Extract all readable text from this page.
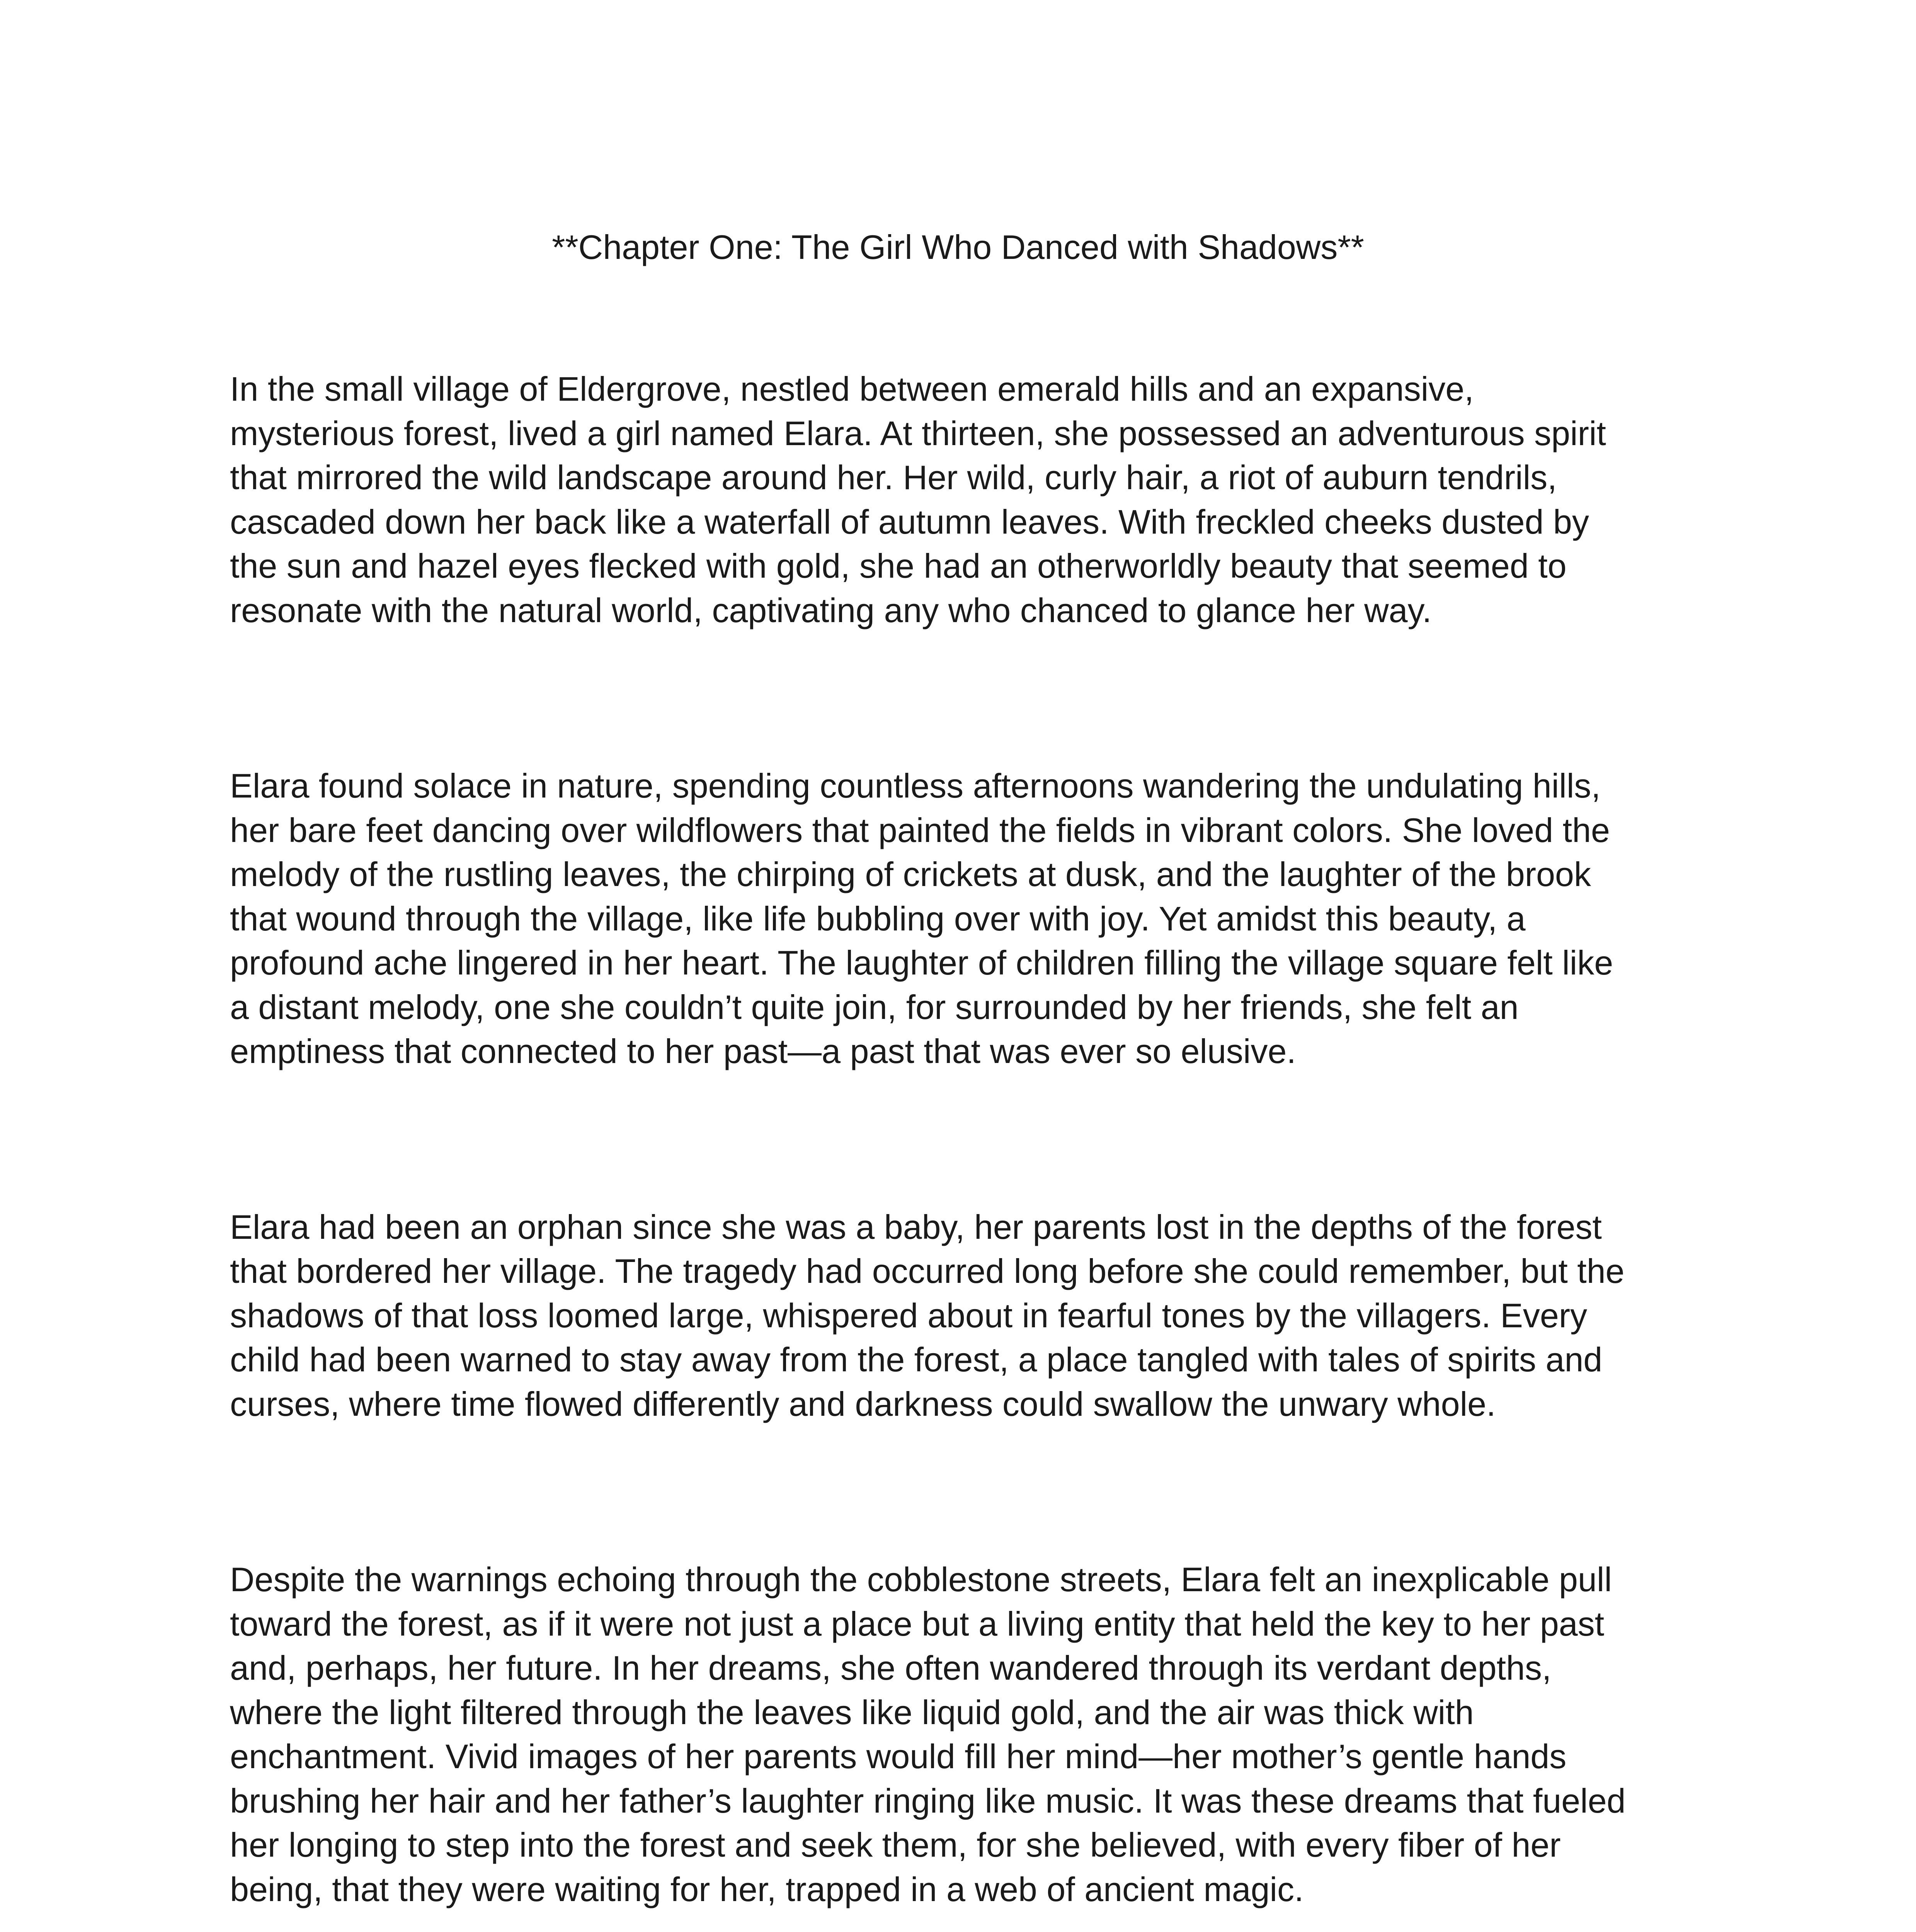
**Chapter One: The Girl Who Danced with Shadows**

In the small village of Eldergrove, nestled between emerald hills and an expansive,
mysterious forest, lived a girl named Elara. At thirteen, she possessed an adventurous spirit
that mirrored the wild landscape around her. Her wild, curly hair, a riot of auburn tendrils,
cascaded down her back like a waterfall of autumn leaves. With freckled cheeks dusted by
the sun and hazel eyes flecked with gold, she had an otherworldly beauty that seemed to
resonate with the natural world, captivating any who chanced to glance her way.

Elara found solace in nature, spending countless afternoons wandering the undulating hills,
her bare feet dancing over wildflowers that painted the fields in vibrant colors. She loved the
melody of the rustling leaves, the chirping of crickets at dusk, and the laughter of the brook
that wound through the village, like life bubbling over with joy. Yet amidst this beauty, a
profound ache lingered in her heart. The laughter of children filling the village square felt like
a distant melody, one she couldn’t quite join, for surrounded by her friends, she felt an
emptiness that connected to her past—a past that was ever so elusive.

Elara had been an orphan since she was a baby, her parents lost in the depths of the forest
that bordered her village. The tragedy had occurred long before she could remember, but the
shadows of that loss loomed large, whispered about in fearful tones by the villagers. Every
child had been warned to stay away from the forest, a place tangled with tales of spirits and
curses, where time flowed differently and darkness could swallow the unwary whole.

Despite the warnings echoing through the cobblestone streets, Elara felt an inexplicable pull
toward the forest, as if it were not just a place but a living entity that held the key to her past
and, perhaps, her future. In her dreams, she often wandered through its verdant depths,
where the light filtered through the leaves like liquid gold, and the air was thick with
enchantment. Vivid images of her parents would fill her mind—her mother’s gentle hands
brushing her hair and her father’s laughter ringing like music. It was these dreams that fueled
her longing to step into the forest and seek them, for she believed, with every fiber of her
being, that they were waiting for her, trapped in a web of ancient magic.
